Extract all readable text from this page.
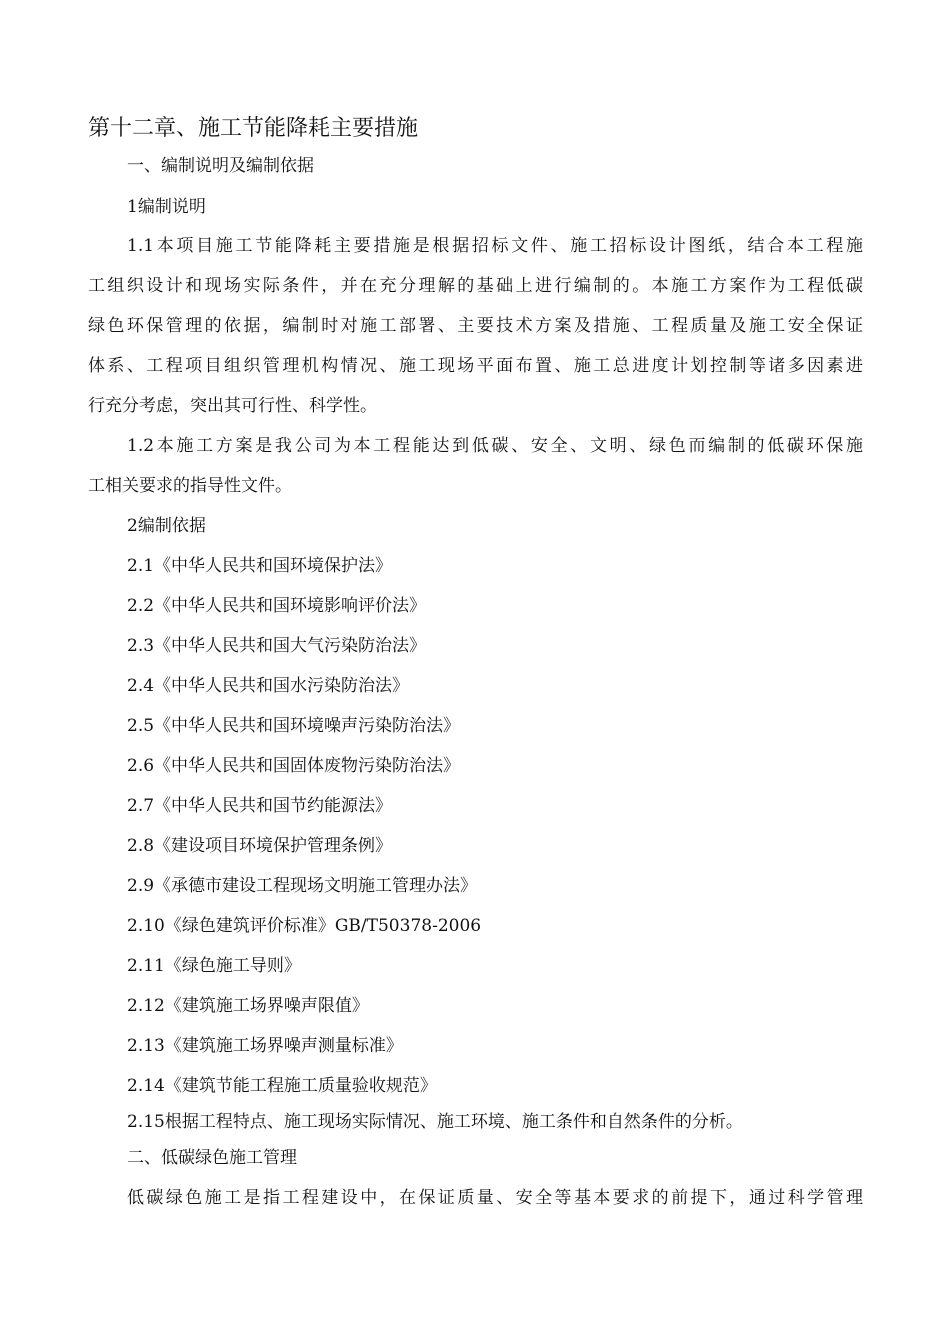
第十二章、施工节能降耗主要措施
一、编制说明及编制依据
1编制说明
1.1本项目施工节能降耗主要措施是根据招标文件、施工招标设计图纸，结合本工程施
工组织设计和现场实际条件，并在充分理解的基础上进行编制的。本施工方案作为工程低碳
绿色环保管理的依据，编制时对施工部署、主要技术方案及措施、工程质量及施工安全保证
体系、工程项目组织管理机构情况、施工现场平面布置、施工总进度计划控制等诸多因素进
行充分考虑，突出其可行性、科学性。
1.2本施工方案是我公司为本工程能达到低碳、安全、文明、绿色而编制的低碳环保施
工相关要求的指导性文件。
2编制依据
2.1《中华人民共和国环境保护法》
2.2《中华人民共和国环境影响评价法》
2.3《中华人民共和国大气污染防治法》
2.4《中华人民共和国水污染防治法》
2.5《中华人民共和国环境噪声污染防治法》
2.6《中华人民共和国固体废物污染防治法》
2.7《中华人民共和国节约能源法》
2.8《建设项目环境保护管理条例》
2.9《承德市建设工程现场文明施工管理办法》
2.10《绿色建筑评价标准》GB/T50378-2006
2.11《绿色施工导则》
2.12《建筑施工场界噪声限值》
2.13《建筑施工场界噪声测量标准》
2.14《建筑节能工程施工质量验收规范》
2.15根据工程特点、施工现场实际情况、施工环境、施工条件和自然条件的分析。
二、低碳绿色施工管理
低碳绿色施工是指工程建设中，在保证质量、安全等基本要求的前提下，通过科学管理
